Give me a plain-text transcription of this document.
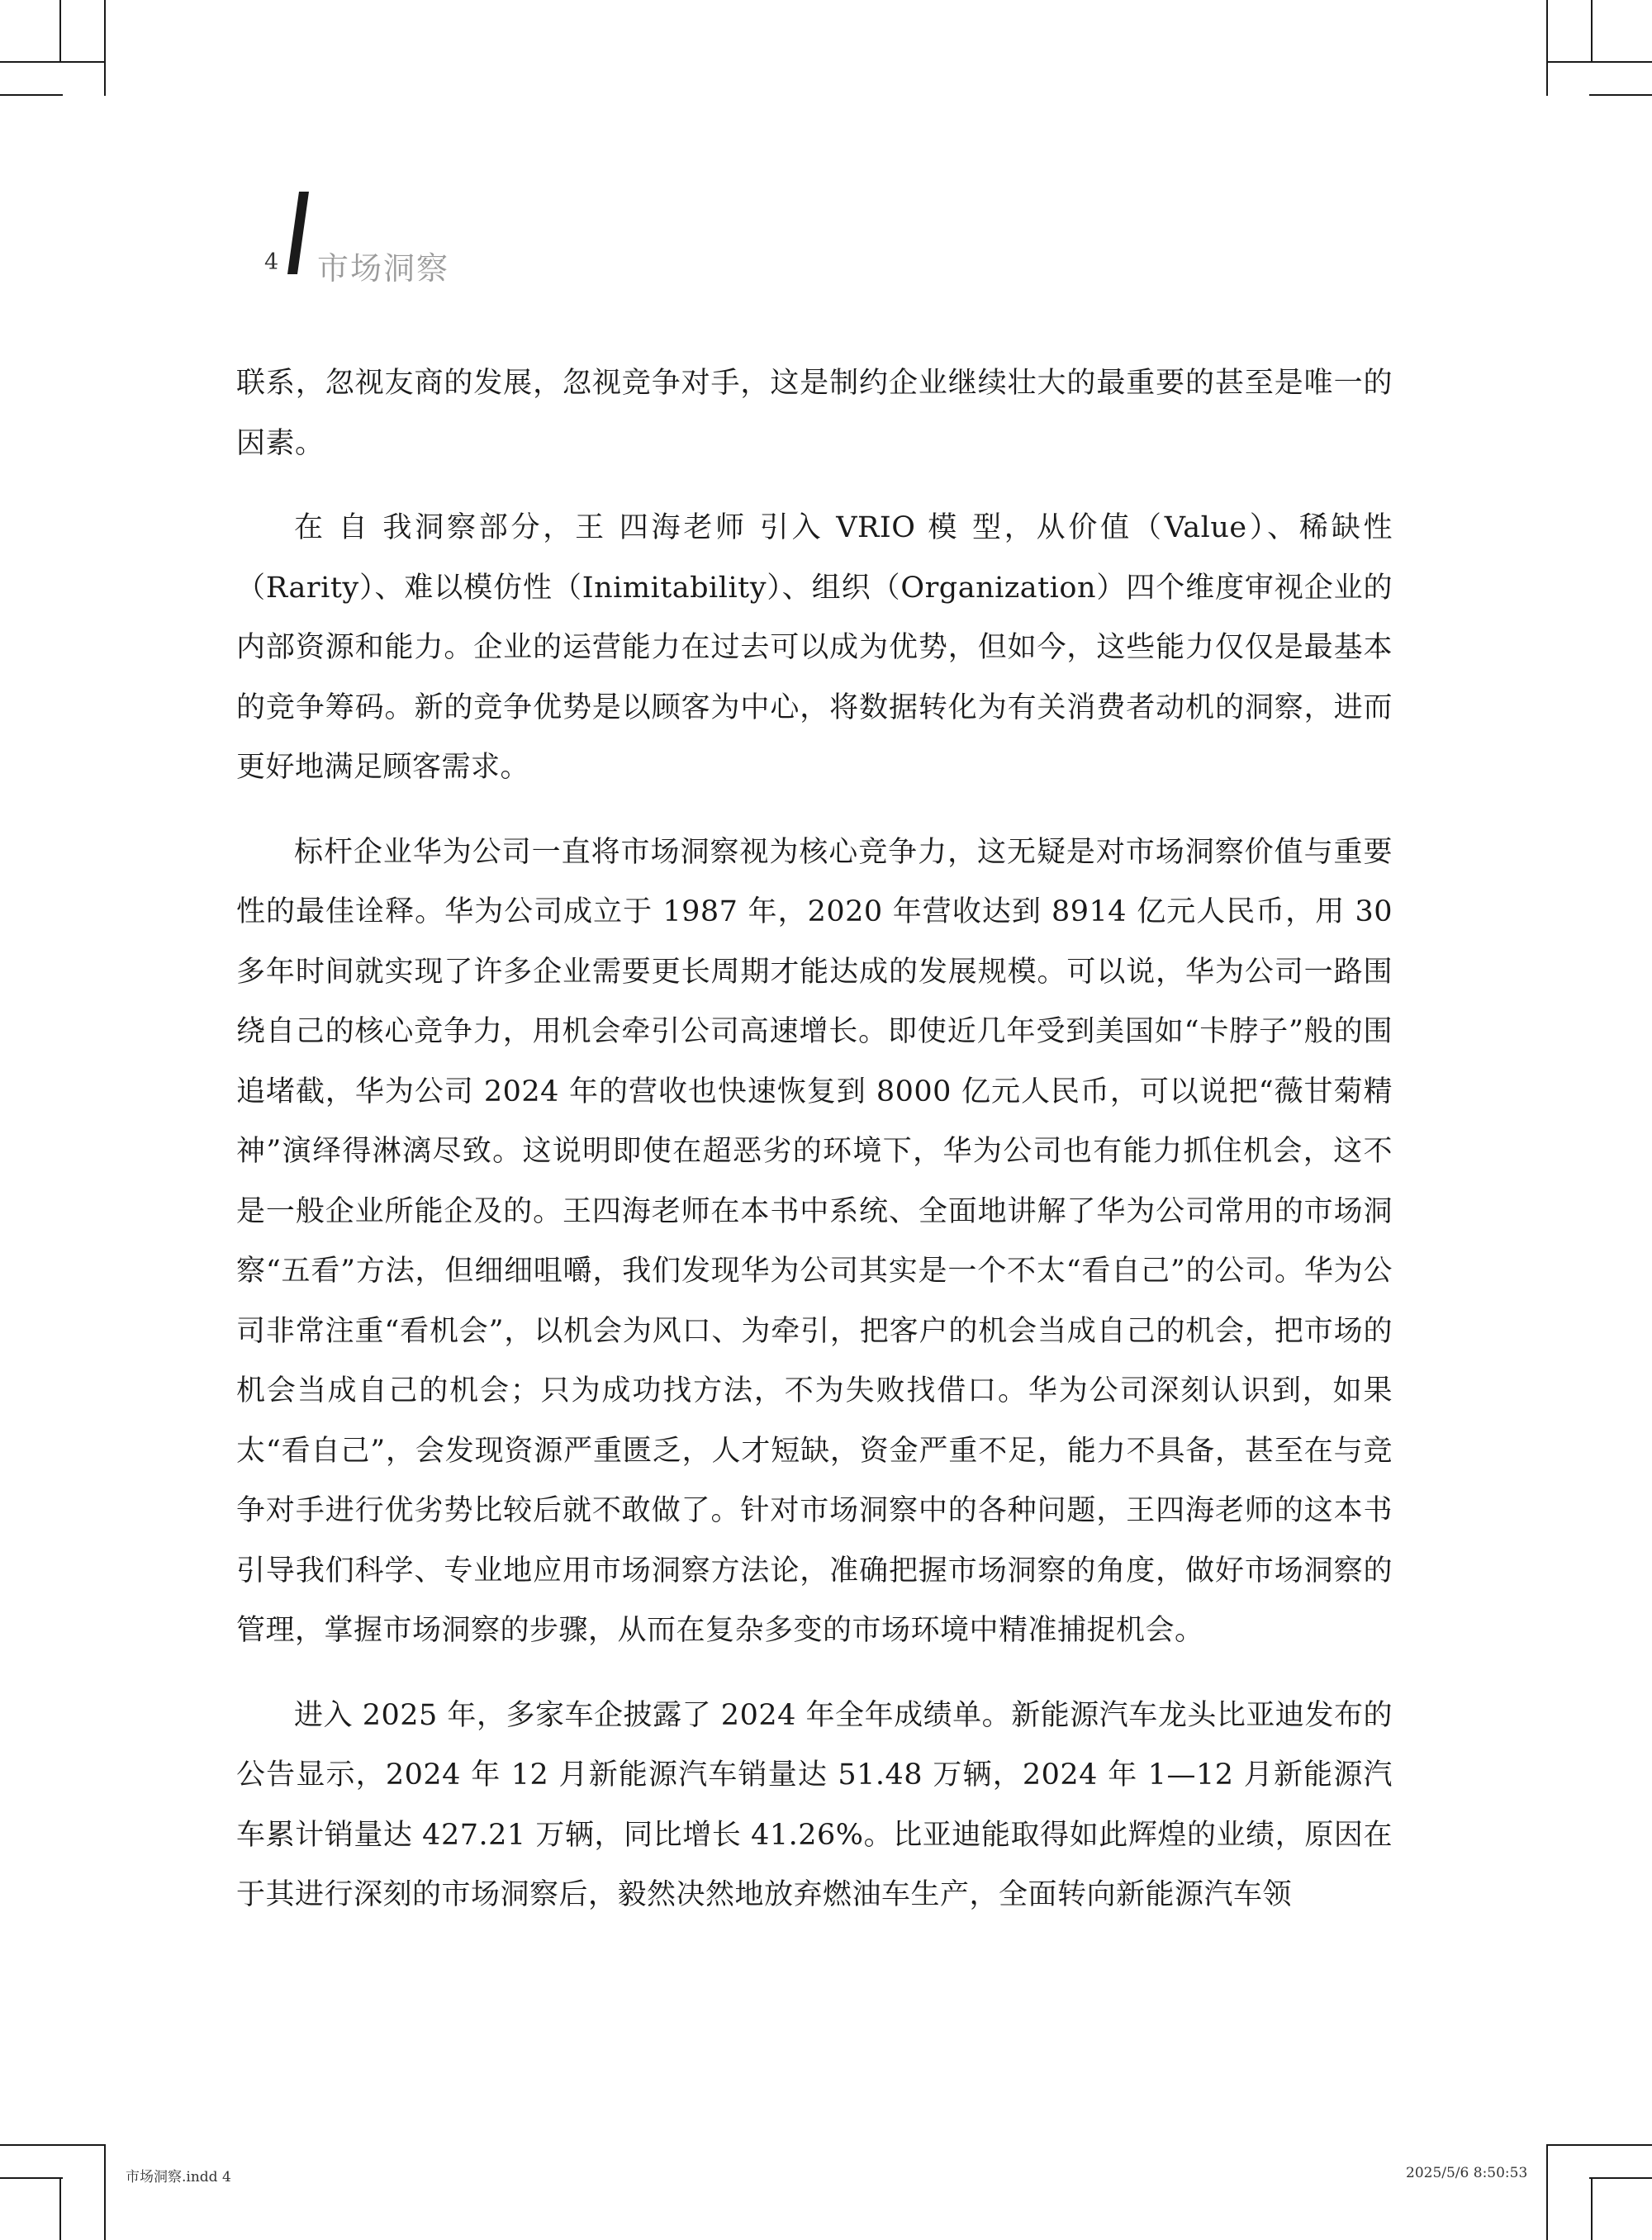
4 市场洞察

联系，忽视友商的发展，忽视竞争对手，这是制约企业继续壮大的最重要的甚至是唯一的因素。

在 自 我洞察部分，王 四海老师 引入 VRIO 模 型，从价值（Value）、稀缺性（Rarity）、难以模仿性（Inimitability）、组织（Organization）四个维度审视企业的内部资源和能力。企业的运营能力在过去可以成为优势，但如今，这些能力仅仅是最基本的竞争筹码。新的竞争优势是以顾客为中心，将数据转化为有关消费者动机的洞察，进而更好地满足顾客需求。

标杆企业华为公司一直将市场洞察视为核心竞争力，这无疑是对市场洞察价值与重要性的最佳诠释。华为公司成立于 1987 年，2020 年营收达到 8914 亿元人民币，用 30 多年时间就实现了许多企业需要更长周期才能达成的发展规模。可以说，华为公司一路围绕自己的核心竞争力，用机会牵引公司高速增长。即使近几年受到美国如“卡脖子”般的围追堵截，华为公司 2024 年的营收也快速恢复到 8000 亿元人民币，可以说把“薇甘菊精神”演绎得淋漓尽致。这说明即使在超恶劣的环境下，华为公司也有能力抓住机会，这不是一般企业所能企及的。王四海老师在本书中系统、全面地讲解了华为公司常用的市场洞察“五看”方法，但细细咀嚼，我们发现华为公司其实是一个不太“看自己”的公司。华为公司非常注重“看机会”，以机会为风口、为牵引，把客户的机会当成自己的机会，把市场的机会当成自己的机会；只为成功找方法，不为失败找借口。华为公司深刻认识到，如果太“看自己”，会发现资源严重匮乏，人才短缺，资金严重不足，能力不具备，甚至在与竞争对手进行优劣势比较后就不敢做了。针对市场洞察中的各种问题，王四海老师的这本书引导我们科学、专业地应用市场洞察方法论，准确把握市场洞察的角度，做好市场洞察的管理，掌握市场洞察的步骤，从而在复杂多变的市场环境中精准捕捉机会。

进入 2025 年，多家车企披露了 2024 年全年成绩单。新能源汽车龙头比亚迪发布的公告显示，2024 年 12 月新能源汽车销量达 51.48 万辆，2024 年 1—12 月新能源汽车累计销量达 427.21 万辆，同比增长 41.26%。比亚迪能取得如此辉煌的业绩，原因在于其进行深刻的市场洞察后，毅然决然地放弃燃油车生产，全面转向新能源汽车领

市场洞察.indd 4	2025/5/6 8:50:53
